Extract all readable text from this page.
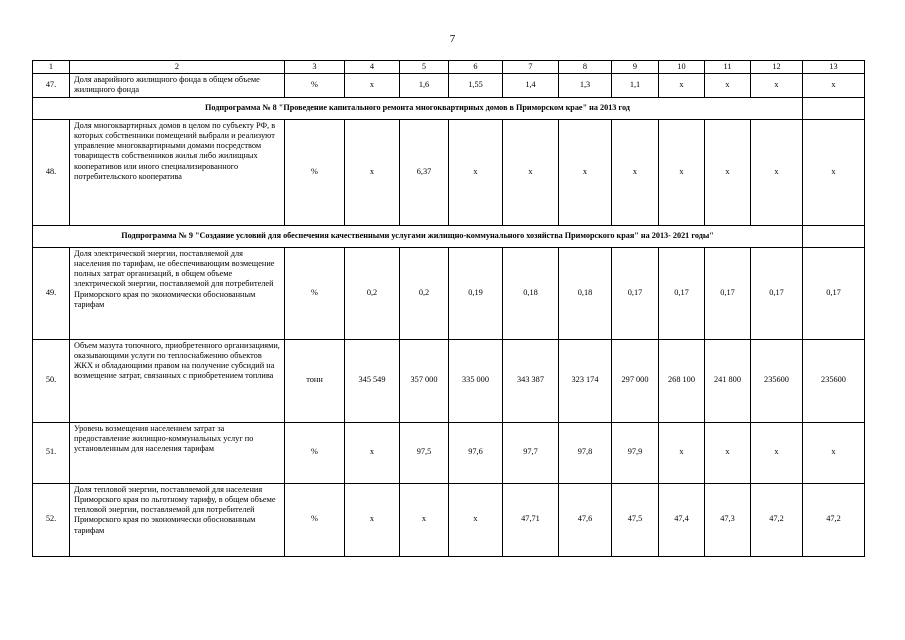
7
1	2	3	4	5	6	7	8	9	10	11	12	13
47.	Доля аварийного жилищного фонда в общем объеме жилищного фонда	%	х	1,6	1,55	1,4	1,3	1,1	х	х	х	х
Подпрограмма № 8 "Проведение капитального ремонта многоквартирных домов в Приморском крае" на 2013 год												
48.	Доля многоквартирных домов в целом по субъекту РФ, в которых собственники помещений выбрали и реализуют управление многоквартирными домами посредством товариществ собственников жилья либо жилищных кооперативов или иного специализированного потребительского кооператива	%	х	6,37	х	х	х	х	х	х	х	х
Подпрограмма № 9 "Создание условий для обеспечения качественными услугами жилищно-коммунального хозяйства Приморского края" на 2013- 2021 годы"												
49.	Доля электрической энергии, поставляемой для населения по тарифам, не обеспечивающим возмещение полных затрат организаций, в общем объеме электрической энергии, поставляемой для потребителей Приморского края по экономически обоснованным тарифам	%	0,2	0,2	0,19	0,18	0,18	0,17	0,17	0,17	0,17	0,17
50.	Объем мазута топочного, приобретенного организациями, оказывающими услуги по теплоснабжению объектов ЖКХ и обладающими правом на получение субсидий на возмещение затрат, связанных с приобретением топлива	тонн	345 549	357 000	335 000	343 387	323 174	297 000	268 100	241 800	235600	235600
51.	Уровень возмещения населением затрат за предоставление жилищно-коммунальных услуг по установленным для населения тарифам	%	х	97,5	97,6	97,7	97,8	97,9	х	х	х	х
52.	Доля тепловой энергии, поставляемой для населения Приморского края по льготному тарифу, в общем объеме тепловой энергии, поставляемой для потребителей Приморского края по экономически обоснованным тарифам	%	х	х	х	47,71	47,6	47,5	47,4	47,3	47,2	47,2
